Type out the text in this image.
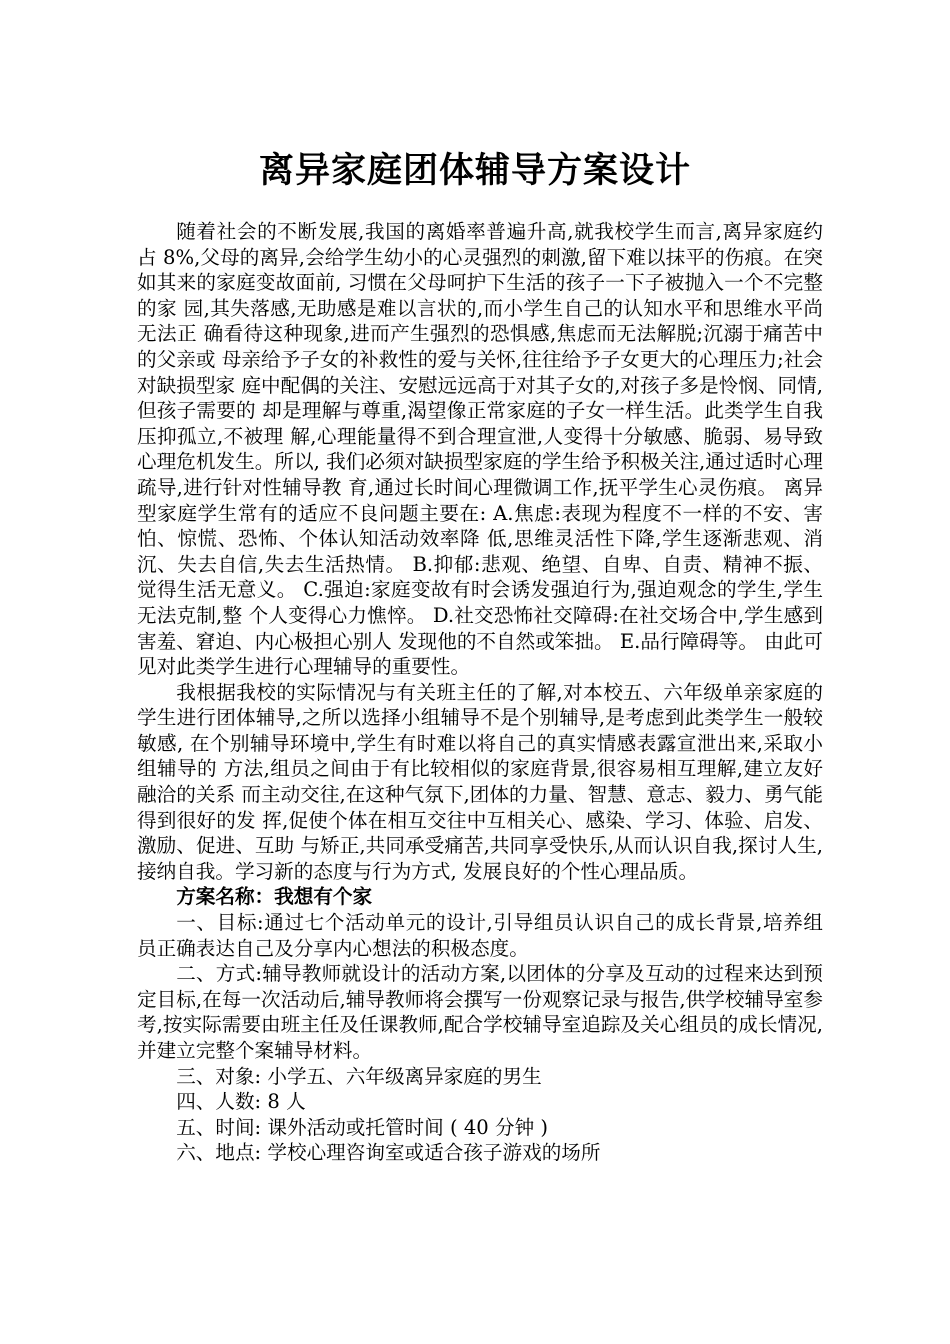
离异家庭团体辅导方案设计

随着社会的不断发展,我国的离婚率普遍升高,就我校学生而言,离异家庭约 占 8%,父母的离异,会给学生幼小的心灵强烈的刺激,留下难以抹平的伤痕。在突 如其来的家庭变故面前, 习惯在父母呵护下生活的孩子一下子被抛入一个不完整的家 园,其失落感,无助感是难以言状的,而小学生自己的认知水平和思维水平尚无法正 确看待这种现象,进而产生强烈的恐惧感,焦虑而无法解脱;沉溺于痛苦中的父亲或 母亲给予子女的补救性的爱与关怀,往往给予子女更大的心理压力;社会对缺损型家 庭中配偶的关注、安慰远远高于对其子女的,对孩子多是怜悯、同情,但孩子需要的 却是理解与尊重,渴望像正常家庭的子女一样生活。此类学生自我压抑孤立,不被理 解,心理能量得不到合理宣泄,人变得十分敏感、脆弱、易导致心理危机发生。所以, 我们必须对缺损型家庭的学生给予积极关注,通过适时心理疏导,进行针对性辅导教 育,通过长时间心理微调工作,抚平学生心灵伤痕。 离异型家庭学生常有的适应不良问题主要在: A.焦虑:表现为程度不一样的不安、害怕、惊慌、恐怖、个体认知活动效率降 低,思维灵活性下降,学生逐渐悲观、消沉、失去自信,失去生活热情。 B.抑郁:悲观、绝望、自卑、自责、精神不振、觉得生活无意义。 C.强迫:家庭变故有时会诱发强迫行为,强迫观念的学生,学生无法克制,整 个人变得心力憔悴。 D.社交恐怖社交障碍:在社交场合中,学生感到害羞、窘迫、内心极担心别人 发现他的不自然或笨拙。 E.品行障碍等。 由此可见对此类学生进行心理辅导的重要性。

我根据我校的实际情况与有关班主任的了解,对本校五、六年级单亲家庭的学生进行团体辅导,之所以选择小组辅导不是个别辅导,是考虑到此类学生一般较敏感, 在个别辅导环境中,学生有时难以将自己的真实情感表露宣泄出来,采取小组辅导的 方法,组员之间由于有比较相似的家庭背景,很容易相互理解,建立友好融洽的关系 而主动交往,在这种气氛下,团体的力量、智慧、意志、毅力、勇气能得到很好的发 挥,促使个体在相互交往中互相关心、感染、学习、体验、启发、激励、促进、互助 与矫正,共同承受痛苦,共同享受快乐,从而认识自我,探讨人生,接纳自我。学习新的态度与行为方式, 发展良好的个性心理品质。

方案名称：我想有个家

一、目标:通过七个活动单元的设计,引导组员认识自己的成长背景,培养组 员正确表达自己及分享内心想法的积极态度。

二、方式:辅导教师就设计的活动方案,以团体的分享及互动的过程来达到预 定目标,在每一次活动后,辅导教师将会撰写一份观察记录与报告,供学校辅导室参 考,按实际需要由班主任及任课教师,配合学校辅导室追踪及关心组员的成长情况, 并建立完整个案辅导材料。

三、对象: 小学五、六年级离异家庭的男生

四、人数: 8 人

五、时间: 课外活动或托管时间 ( 40 分钟 )

六、地点: 学校心理咨询室或适合孩子游戏的场所
